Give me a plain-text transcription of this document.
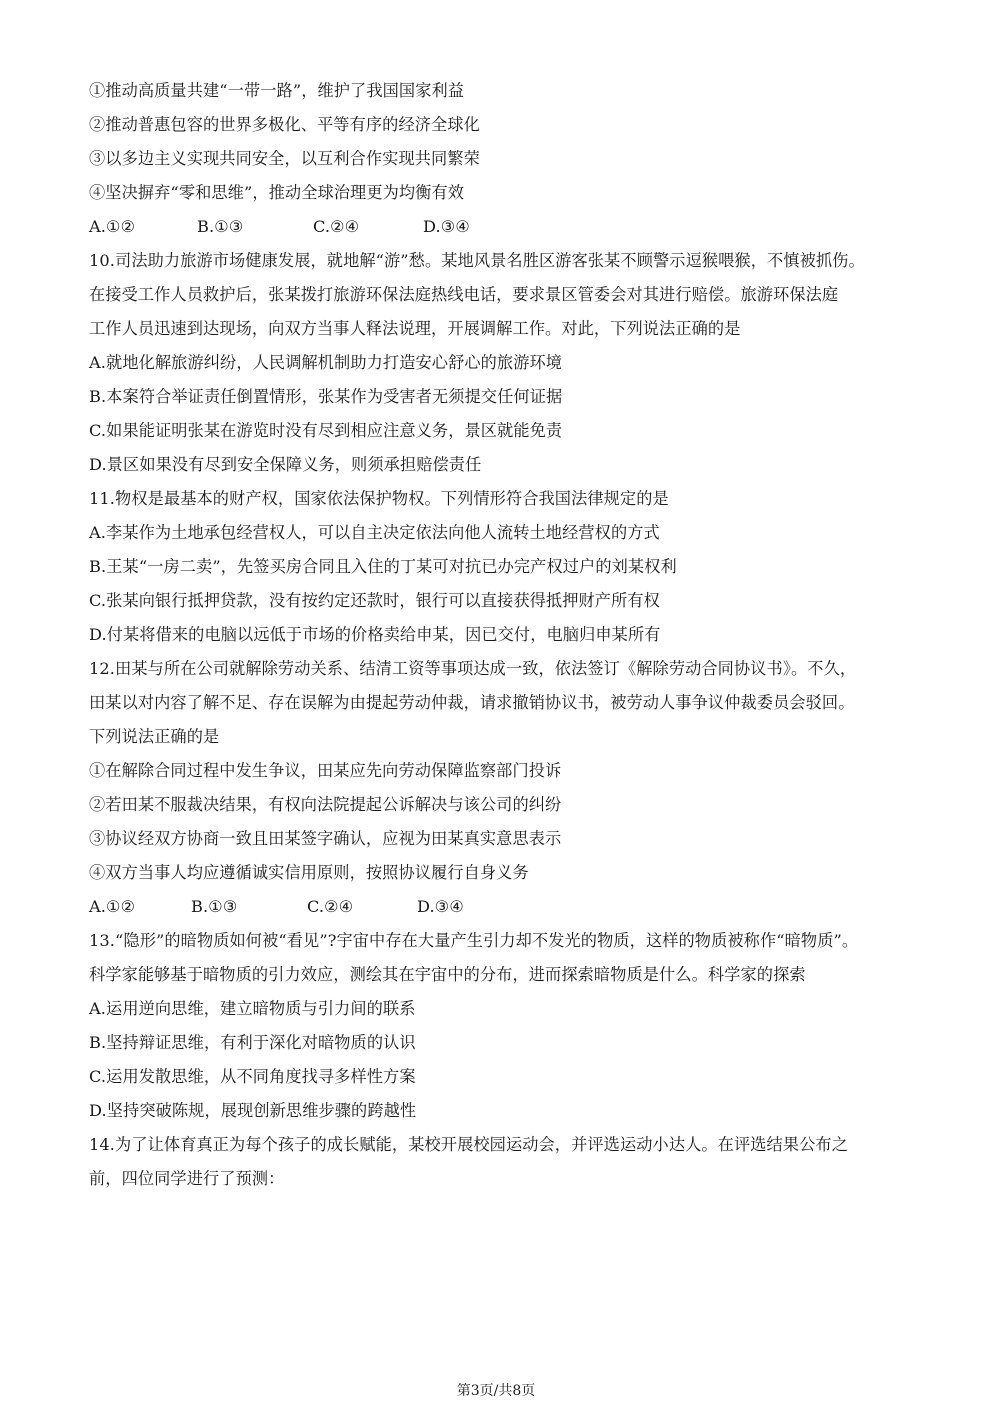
①推动高质量共建“一带一路”，维护了我国国家利益
②推动普惠包容的世界多极化、平等有序的经济全球化
③以多边主义实现共同安全，以互利合作实现共同繁荣
④坚决摒弃“零和思维”，推动全球治理更为均衡有效
A.①②	B.①③	C.②④	D.③④
10.司法助力旅游市场健康发展，就地解“游”愁。某地风景名胜区游客张某不顾警示逗猴喂猴，不慎被抓伤。
在接受工作人员救护后，张某拨打旅游环保法庭热线电话，要求景区管委会对其进行赔偿。旅游环保法庭
工作人员迅速到达现场，向双方当事人释法说理，开展调解工作。对此，下列说法正确的是
A.就地化解旅游纠纷，人民调解机制助力打造安心舒心的旅游环境
B.本案符合举证责任倒置情形，张某作为受害者无须提交任何证据
C.如果能证明张某在游览时没有尽到相应注意义务，景区就能免责
D.景区如果没有尽到安全保障义务，则须承担赔偿责任
11.物权是最基本的财产权，国家依法保护物权。下列情形符合我国法律规定的是
A.李某作为土地承包经营权人，可以自主决定依法向他人流转土地经营权的方式
B.王某“一房二卖”，先签买房合同且入住的丁某可对抗已办完产权过户的刘某权利
C.张某向银行抵押贷款，没有按约定还款时，银行可以直接获得抵押财产所有权
D.付某将借来的电脑以远低于市场的价格卖给申某，因已交付，电脑归申某所有
12.田某与所在公司就解除劳动关系、结清工资等事项达成一致，依法签订《解除劳动合同协议书》。不久，
田某以对内容了解不足、存在误解为由提起劳动仲裁，请求撤销协议书，被劳动人事争议仲裁委员会驳回。
下列说法正确的是
①在解除合同过程中发生争议，田某应先向劳动保障监察部门投诉
②若田某不服裁决结果，有权向法院提起公诉解决与该公司的纠纷
③协议经双方协商一致且田某签字确认，应视为田某真实意思表示
④双方当事人均应遵循诚实信用原则，按照协议履行自身义务
A.①②	B.①③	C.②④	D.③④
13.“隐形”的暗物质如何被“看见”?宇宙中存在大量产生引力却不发光的物质，这样的物质被称作“暗物质”。
科学家能够基于暗物质的引力效应，测绘其在宇宙中的分布，进而探索暗物质是什么。科学家的探索
A.运用逆向思维，建立暗物质与引力间的联系
B.坚持辩证思维，有利于深化对暗物质的认识
C.运用发散思维，从不同角度找寻多样性方案
D.坚持突破陈规，展现创新思维步骤的跨越性
14.为了让体育真正为每个孩子的成长赋能，某校开展校园运动会，并评选运动小达人。在评选结果公布之
前，四位同学进行了预测：
第3页/共8页
